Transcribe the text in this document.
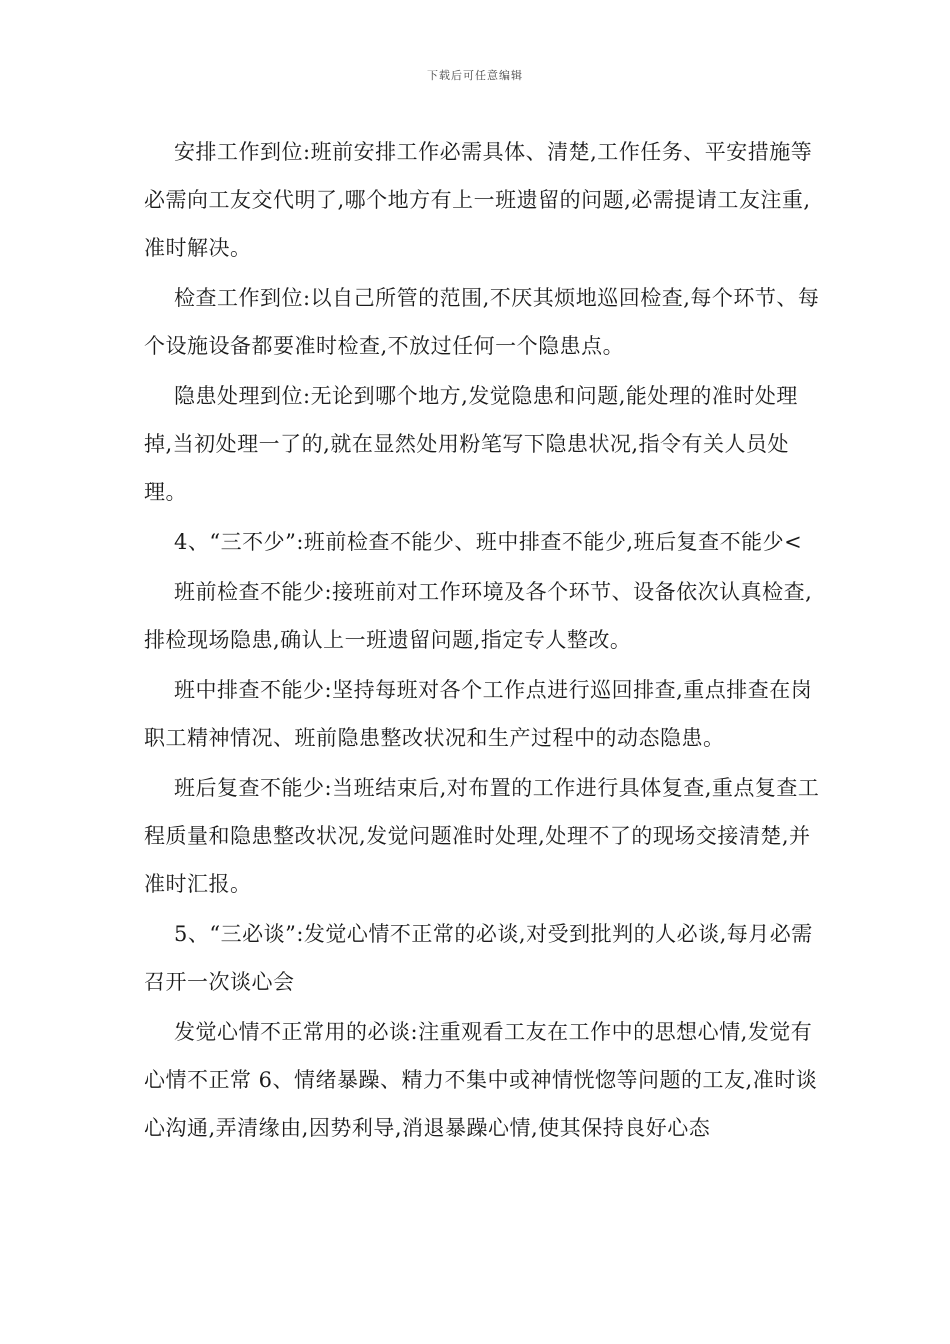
下载后可任意编辑

安排工作到位:班前安排工作必需具体、清楚,工作任务、平安措施等必需向工友交代明了,哪个地方有上一班遗留的问题,必需提请工友注重,准时解决。

检查工作到位:以自己所管的范围,不厌其烦地巡回检查,每个环节、每个设施设备都要准时检查,不放过任何一个隐患点。

隐患处理到位:无论到哪个地方,发觉隐患和问题,能处理的准时处理掉,当初处理一了的,就在显然处用粉笔写下隐患状况,指令有关人员处理。

4、“三不少”:班前检查不能少、班中排查不能少,班后复查不能少<

班前检查不能少:接班前对工作环境及各个环节、设备依次认真检查,排检现场隐患,确认上一班遗留问题,指定专人整改。

班中排查不能少:坚持每班对各个工作点进行巡回排查,重点排查在岗职工精神情况、班前隐患整改状况和生产过程中的动态隐患。

班后复查不能少:当班结束后,对布置的工作进行具体复查,重点复查工程质量和隐患整改状况,发觉问题准时处理,处理不了的现场交接清楚,并准时汇报。

5、“三必谈”:发觉心情不正常的必谈,对受到批判的人必谈,每月必需召开一次谈心会

发觉心情不正常用的必谈:注重观看工友在工作中的思想心情,发觉有心情不正常 6、情绪暴躁、精力不集中或神情恍惚等问题的工友,准时谈心沟通,弄清缘由,因势利导,消退暴躁心情,使其保持良好心态
